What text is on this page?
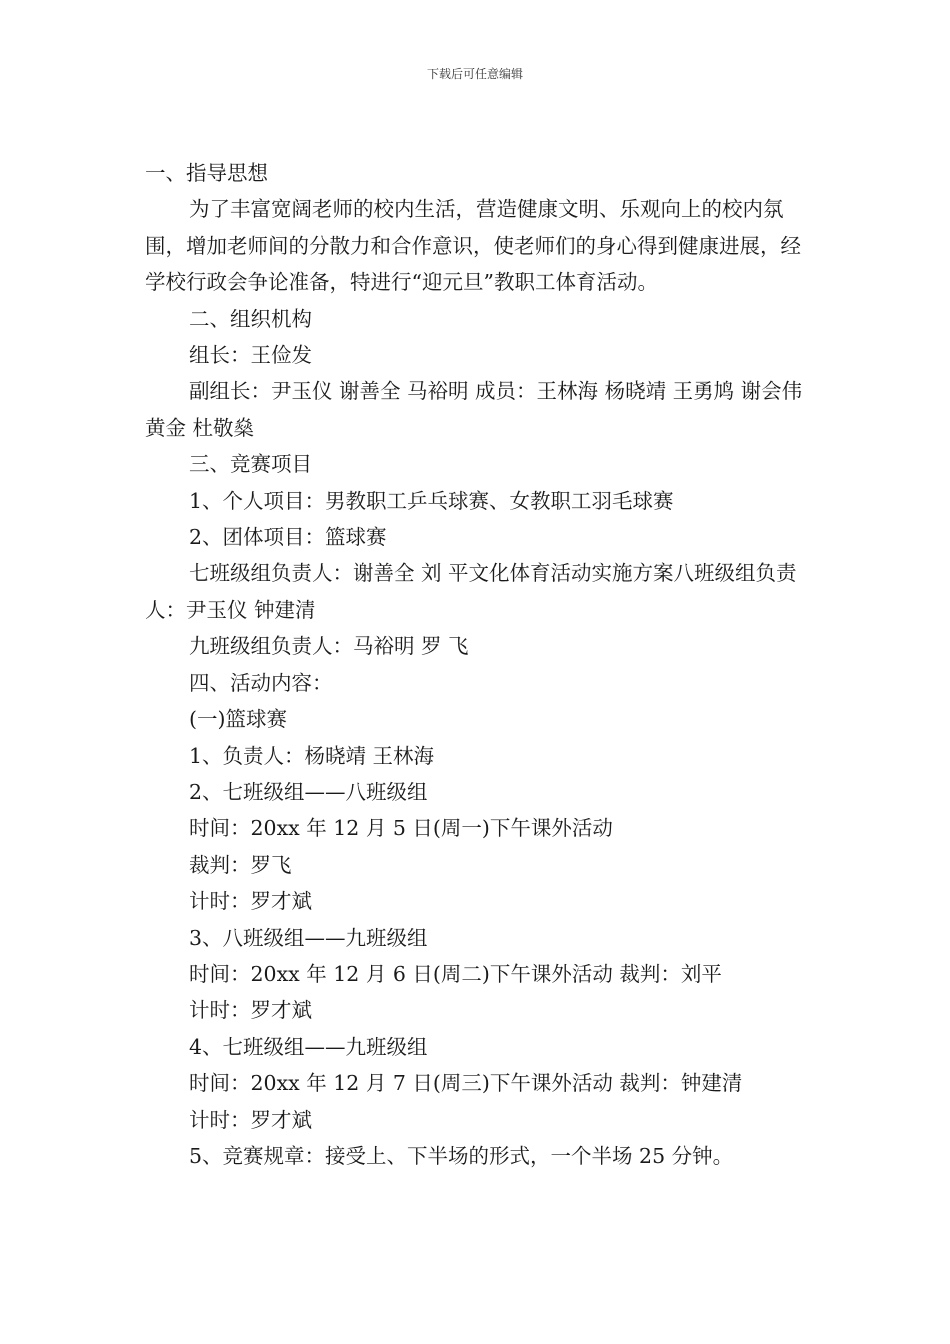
下载后可任意编辑

一、指导思想

为了丰富宽阔老师的校内生活，营造健康文明、乐观向上的校内氛围，增加老师间的分散力和合作意识，使老师们的身心得到健康进展，经学校行政会争论准备，特进行“迎元旦”教职工体育活动。

二、组织机构

组长：王俭发

副组长：尹玉仪 谢善全 马裕明 成员：王林海 杨晓靖 王勇鸠 谢会伟 黄金 杜敬燊

三、竞赛项目

1、个人项目：男教职工乒乓球赛、女教职工羽毛球赛

2、团体项目：篮球赛

七班级组负责人：谢善全 刘 平文化体育活动实施方案八班级组负责人：尹玉仪 钟建清

九班级组负责人：马裕明 罗 飞

四、活动内容：

(一)篮球赛

1、负责人：杨晓靖 王林海

2、七班级组——八班级组

时间：20xx 年 12 月 5 日(周一)下午课外活动

裁判：罗飞

计时：罗才斌

3、八班级组——九班级组

时间：20xx 年 12 月 6 日(周二)下午课外活动 裁判：刘平

计时：罗才斌

4、七班级组——九班级组

时间：20xx 年 12 月 7 日(周三)下午课外活动 裁判：钟建清

计时：罗才斌

5、竞赛规章：接受上、下半场的形式，一个半场 25 分钟。
